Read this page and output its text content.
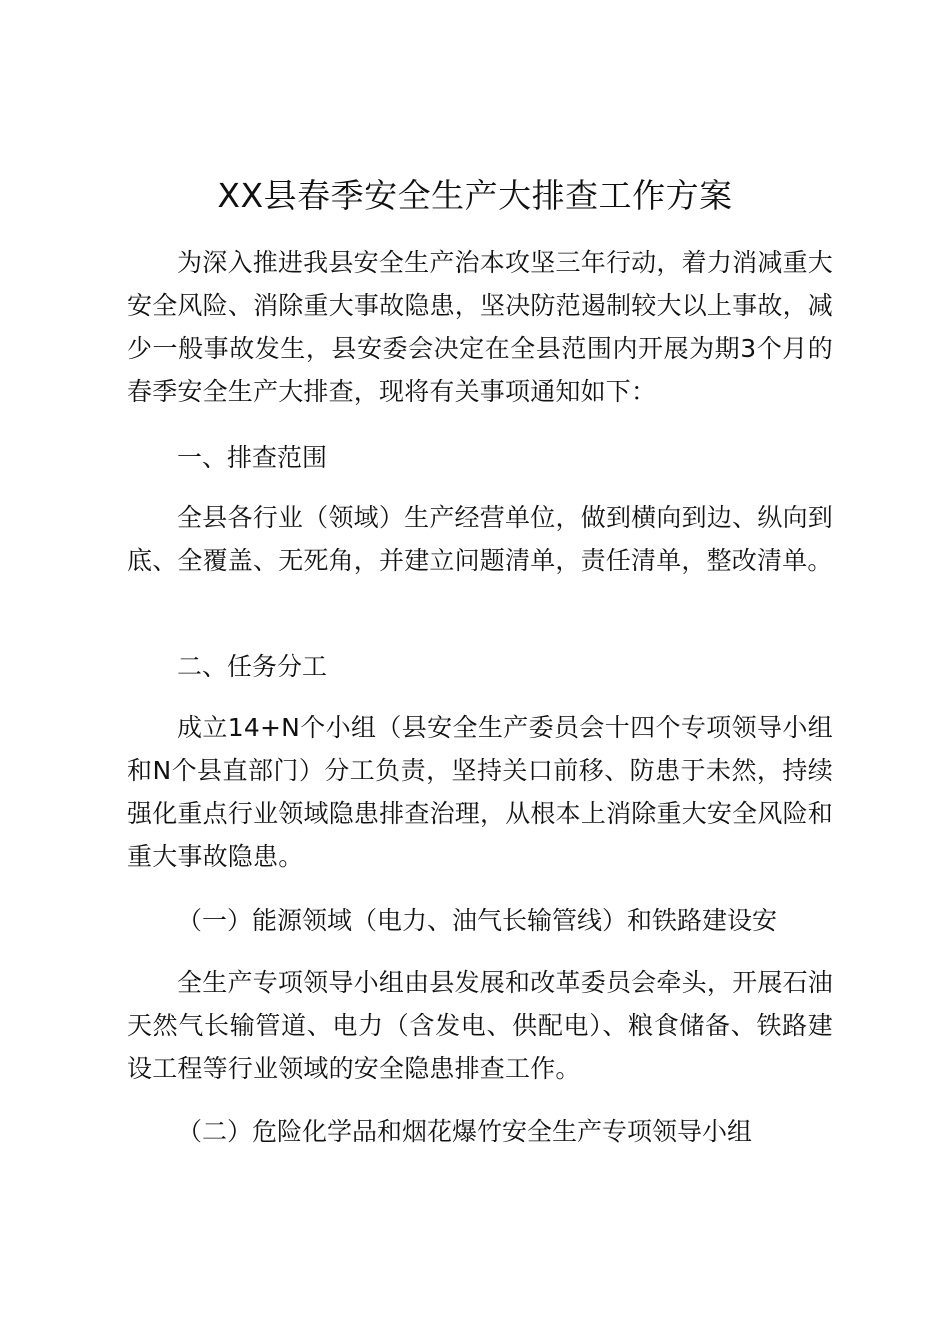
XX县春季安全生产大排查工作方案

为深入推进我县安全生产治本攻坚三年行动，着力消减重大安全风险、消除重大事故隐患，坚决防范遏制较大以上事故，减少一般事故发生，县安委会决定在全县范围内开展为期3个月的春季安全生产大排查，现将有关事项通知如下：

一、排查范围

全县各行业（领域）生产经营单位，做到横向到边、纵向到底、全覆盖、无死角，并建立问题清单，责任清单，整改清单。

二、任务分工

成立14+N个小组（县安全生产委员会十四个专项领导小组和N个县直部门）分工负责，坚持关口前移、防患于未然，持续强化重点行业领域隐患排查治理，从根本上消除重大安全风险和重大事故隐患。

（一）能源领域（电力、油气长输管线）和铁路建设安

全生产专项领导小组由县发展和改革委员会牵头，开展石油天然气长输管道、电力（含发电、供配电）、粮食储备、铁路建设工程等行业领域的安全隐患排查工作。

（二）危险化学品和烟花爆竹安全生产专项领导小组
